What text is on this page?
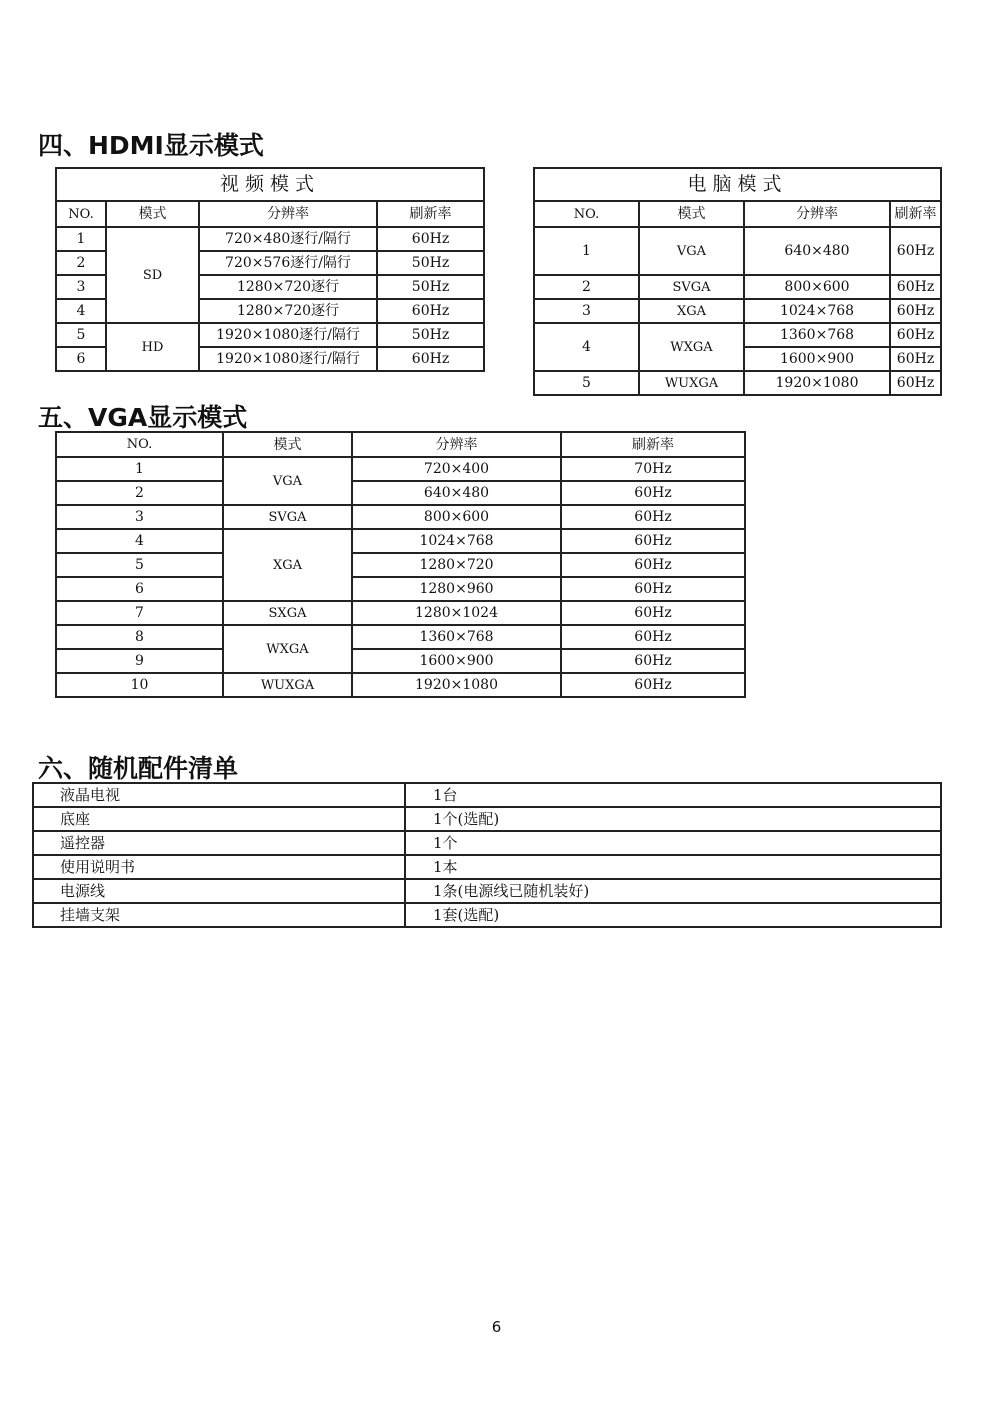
四、HDMI显示模式
视频模式			
NO.	模式	分辨率	刷新率
1	SD	720×480逐行/隔行	60Hz
2		720×576逐行/隔行	50Hz
3		1280×720逐行	50Hz
4		1280×720逐行	60Hz
5	HD	1920×1080逐行/隔行	50Hz
6		1920×1080逐行/隔行	60Hz
电脑模式			
NO.	模式	分辨率	刷新率
1	VGA	640×480	60Hz
2	SVGA	800×600	60Hz
3	XGA	1024×768	60Hz
4	WXGA	1360×768	60Hz
		1600×900	60Hz
5	WUXGA	1920×1080	60Hz
五、VGA显示模式
NO.	模式	分辨率	刷新率
1	VGA	720×400	70Hz
2		640×480	60Hz
3	SVGA	800×600	60Hz
4	XGA	1024×768	60Hz
5		1280×720	60Hz
6		1280×960	60Hz
7	SXGA	1280×1024	60Hz
8	WXGA	1360×768	60Hz
9		1600×900	60Hz
10	WUXGA	1920×1080	60Hz
六、随机配件清单
液晶电视	1台
底座	1个(选配)
遥控器	1个
使用说明书	1本
电源线	1条(电源线已随机装好)
挂墙支架	1套(选配)
6
